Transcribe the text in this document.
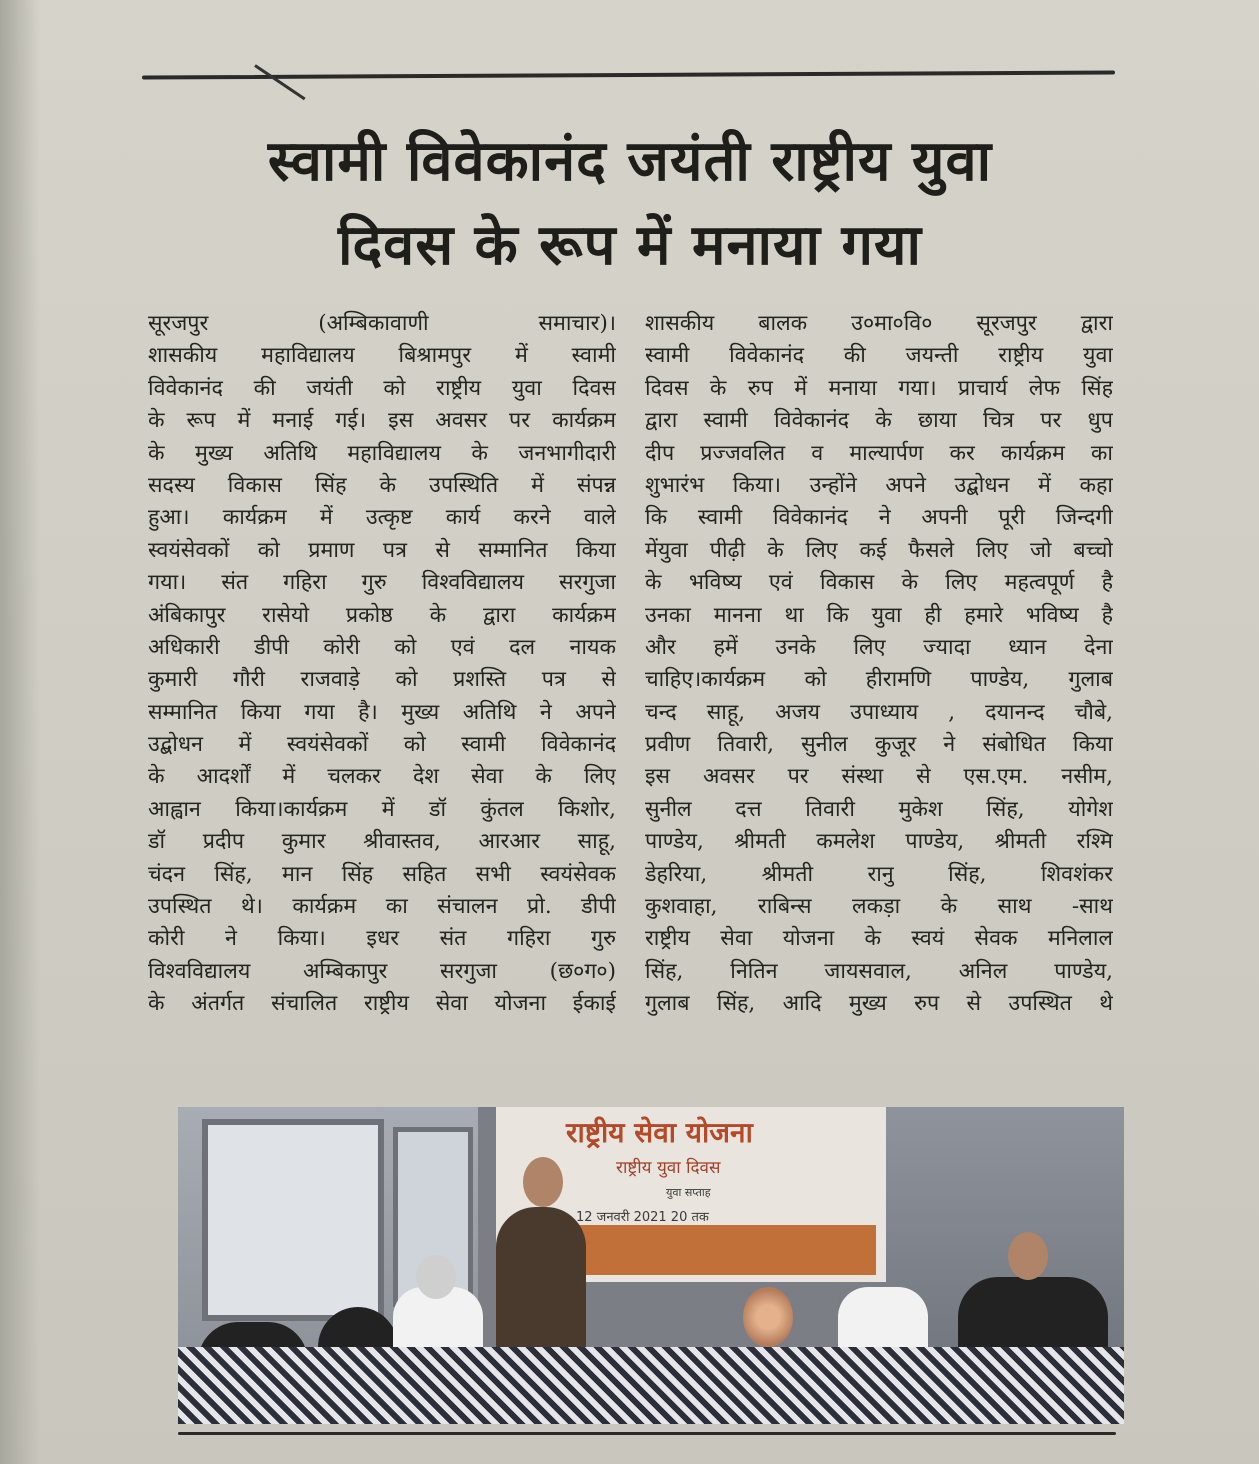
स्वामी विवेकानंद जयंती राष्ट्रीय युवा
दिवस के रूप में मनाया गया
सूरजपुर (अम्बिकावाणी समाचार)।
शासकीय महाविद्यालय बिश्रामपुर में स्वामी
विवेकानंद की जयंती को राष्ट्रीय युवा दिवस
के रूप में मनाई गई। इस अवसर पर कार्यक्रम
के मुख्य अतिथि महाविद्यालय के जनभागीदारी
सदस्य विकास सिंह के उपस्थिति में संपन्न
हुआ। कार्यक्रम में उत्कृष्ट कार्य करने वाले
स्वयंसेवकों को प्रमाण पत्र से सम्मानित किया
गया। संत गहिरा गुरु विश्वविद्यालय सरगुजा
अंबिकापुर रासेयो प्रकोष्ठ के द्वारा कार्यक्रम
अधिकारी डीपी कोरी को एवं दल नायक
कुमारी गौरी राजवाड़े को प्रशस्ति पत्र से
सम्मानित किया गया है। मुख्य अतिथि ने अपने
उद्बोधन में स्वयंसेवकों को स्वामी विवेकानंद
के आदर्शों में चलकर देश सेवा के लिए
आह्वान किया।कार्यक्रम में डॉ कुंतल किशोर,
डॉ प्रदीप कुमार श्रीवास्तव, आरआर साहू,
चंदन सिंह, मान सिंह सहित सभी स्वयंसेवक
उपस्थित थे। कार्यक्रम का संचालन प्रो. डीपी
कोरी ने किया। इधर संत गहिरा गुरु
विश्वविद्यालय अम्बिकापुर सरगुजा (छ०ग०)
के अंतर्गत संचालित राष्ट्रीय सेवा योजना ईकाई
शासकीय बालक उ०मा०वि० सूरजपुर द्वारा
स्वामी विवेकानंद की जयन्ती राष्ट्रीय युवा
दिवस के रुप में मनाया गया। प्राचार्य लेफ सिंह
द्वारा स्वामी विवेकानंद के छाया चित्र पर धुप
दीप प्रज्जवलित व माल्यार्पण कर कार्यक्रम का
शुभारंभ किया। उन्होंने अपने उद्बोधन में कहा
कि स्वामी विवेकानंद ने अपनी पूरी जिन्दगी
मेंयुवा पीढ़ी के लिए कई फैसले लिए जो बच्चो
के भविष्य एवं विकास के लिए महत्वपूर्ण है
उनका मानना था कि युवा ही हमारे भविष्य है
और हमें उनके लिए ज्यादा ध्यान देना
चाहिए।कार्यक्रम को हीरामणि पाण्डेय, गुलाब
चन्द साहू, अजय उपाध्याय , दयानन्द चौबे,
प्रवीण तिवारी, सुनील कुजूर ने संबोधित किया
इस अवसर पर संस्था से एस.एम. नसीम,
सुनील दत्त तिवारी मुकेश सिंह, योगेश
पाण्डेय, श्रीमती कमलेश पाण्डेय, श्रीमती रश्मि
डेहरिया, श्रीमती रानु सिंह, शिवशंकर
कुशवाहा, राबिन्स लकड़ा के साथ -साथ
राष्ट्रीय सेवा योजना के स्वयं सेवक मनिलाल
सिंह, नितिन जायसवाल, अनिल पाण्डेय,
गुलाब सिंह, आदि मुख्य रुप से उपस्थित थे
राष्ट्रीय सेवा योजना
राष्ट्रीय युवा दिवस
युवा सप्ताह
12 जनवरी 2021 20 तक
